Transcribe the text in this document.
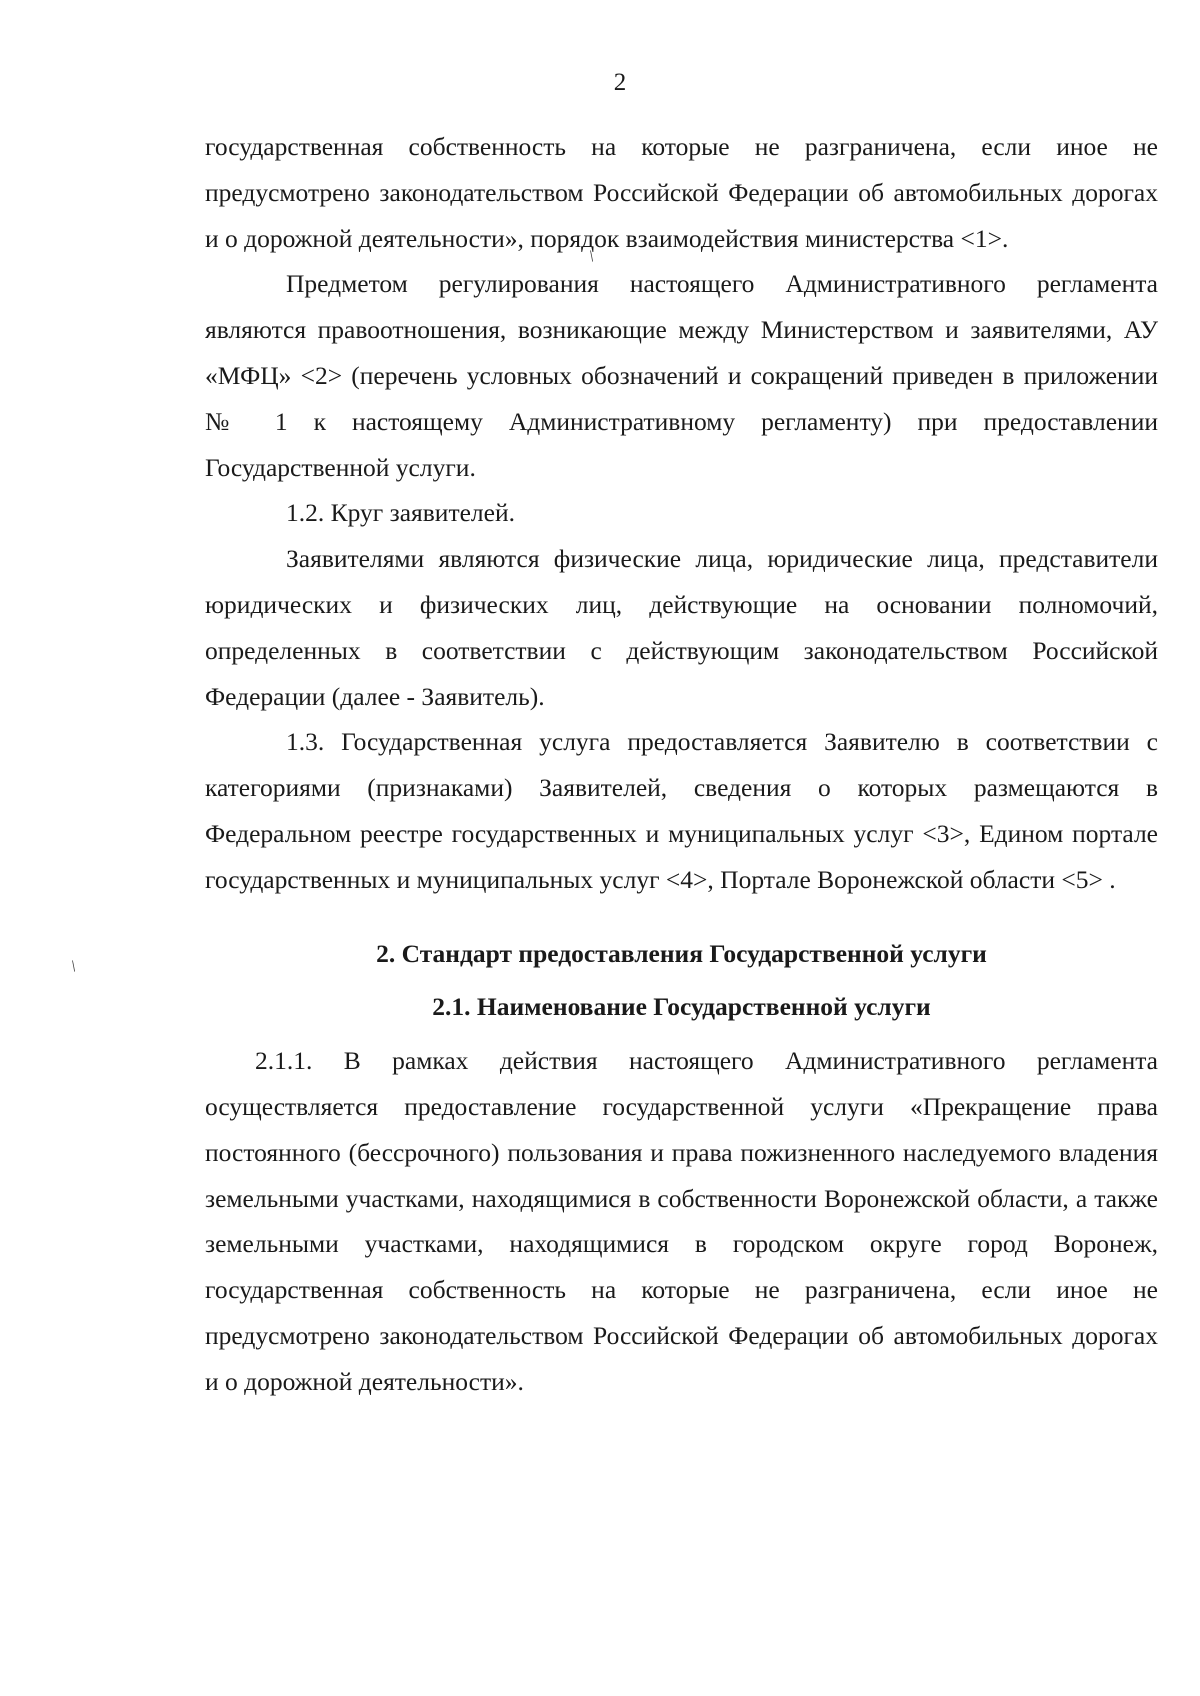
2

государственная собственность на которые не разграничена, если иное не предусмотрено законодательством Российской Федерации об автомобильных дорогах и о дорожной деятельности», порядок взаимодействия министерства <1>.

Предметом регулирования настоящего Административного регламента являются правоотношения, возникающие между Министерством и заявителями, АУ «МФЦ» <2> (перечень условных обозначений и сокращений приведен в приложении № 1 к настоящему Административному регламенту) при предоставлении Государственной услуги.

1.2. Круг заявителей.

Заявителями являются физические лица, юридические лица, представители юридических и физических лиц, действующие на основании полномочий, определенных в соответствии с действующим законодательством Российской Федерации (далее - Заявитель).

1.3. Государственная услуга предоставляется Заявителю в соответствии с категориями (признаками) Заявителей, сведения о которых размещаются в Федеральном реестре государственных и муниципальных услуг <3>, Едином портале государственных и муниципальных услуг <4>, Портале Воронежской области <5> .

2. Стандарт предоставления Государственной услуги
2.1. Наименование Государственной услуги

2.1.1. В рамках действия настоящего Административного регламента осуществляется предоставление государственной услуги «Прекращение права постоянного (бессрочного) пользования и права пожизненного наследуемого владения земельными участками, находящимися в собственности Воронежской области, а также земельными участками, находящимися в городском округе город Воронеж, государственная собственность на которые не разграничена, если иное не предусмотрено законодательством Российской Федерации об автомобильных дорогах и о дорожной деятельности».

/
/
